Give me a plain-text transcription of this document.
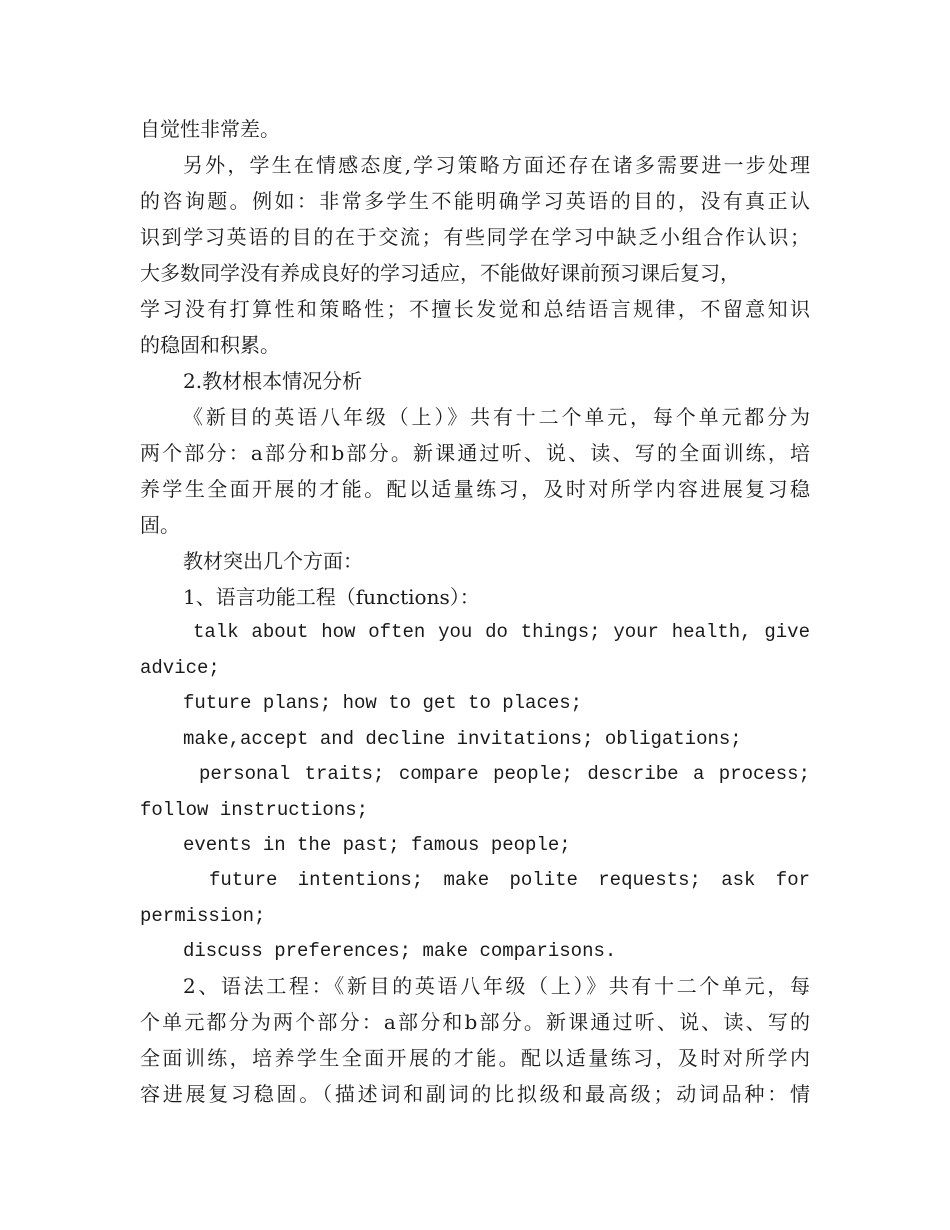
自觉性非常差。
另外，学生在情感态度,学习策略方面还存在诸多需要进一步处理
的咨询题。例如：非常多学生不能明确学习英语的目的，没有真正认
识到学习英语的目的在于交流；有些同学在学习中缺乏小组合作认识；
大多数同学没有养成良好的学习适应，不能做好课前预习课后复习，
学习没有打算性和策略性；不擅长发觉和总结语言规律，不留意知识
的稳固和积累。
2.教材根本情况分析
《新目的英语八年级（上）》共有十二个单元，每个单元都分为
两个部分：a部分和b部分。新课通过听、说、读、写的全面训练，培
养学生全面开展的才能。配以适量练习，及时对所学内容进展复习稳
固。
教材突出几个方面：
1、语言功能工程（functions）：
talk about how often you do things; your health, give
advice;
future plans; how to get to places;
make,accept and decline invitations; obligations;
personal traits; compare people; describe a process;
follow instructions;
events in the past; famous people;
future intentions; make polite requests; ask for
permission;
discuss preferences; make comparisons.
2、语法工程：《新目的英语八年级（上）》共有十二个单元，每
个单元都分为两个部分：a部分和b部分。新课通过听、说、读、写的
全面训练，培养学生全面开展的才能。配以适量练习，及时对所学内
容进展复习稳固。（描述词和副词的比拟级和最高级；动词品种：情
